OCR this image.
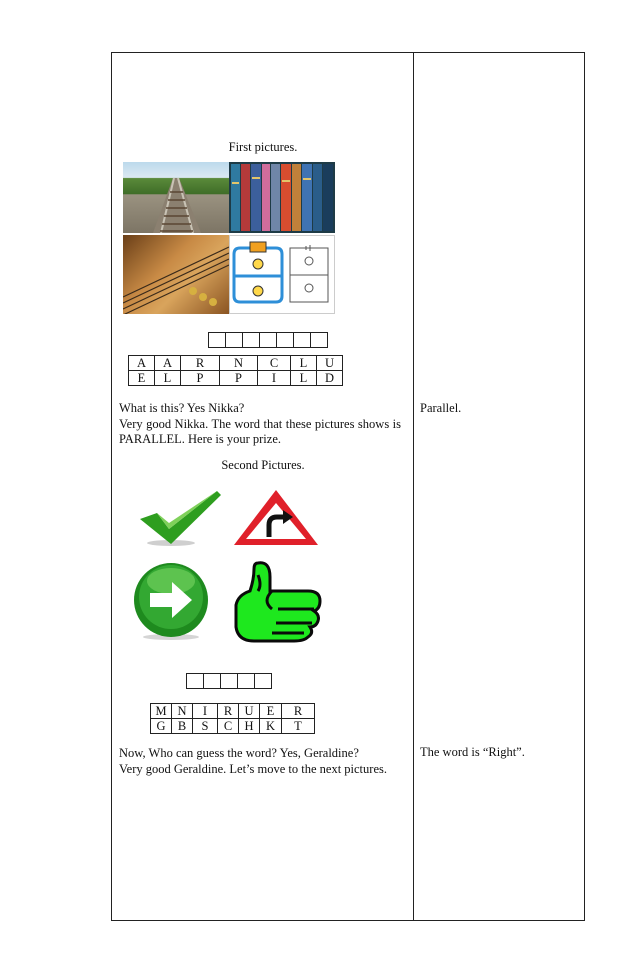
First pictures.

A	A	R	N	C	L	U
E	L	P	P	I	L	D
What is this? Yes Nikka?
Very good Nikka. The word that these pictures shows is PARALLEL. Here is your prize.
Parallel.
Second Pictures.

M	N	I	R	U	E	R
G	B	S	C	H	K	T
Now, Who can guess the word? Yes, Geraldine?
Very good Geraldine. Let’s move to the next pictures.
The word is “Right”.
